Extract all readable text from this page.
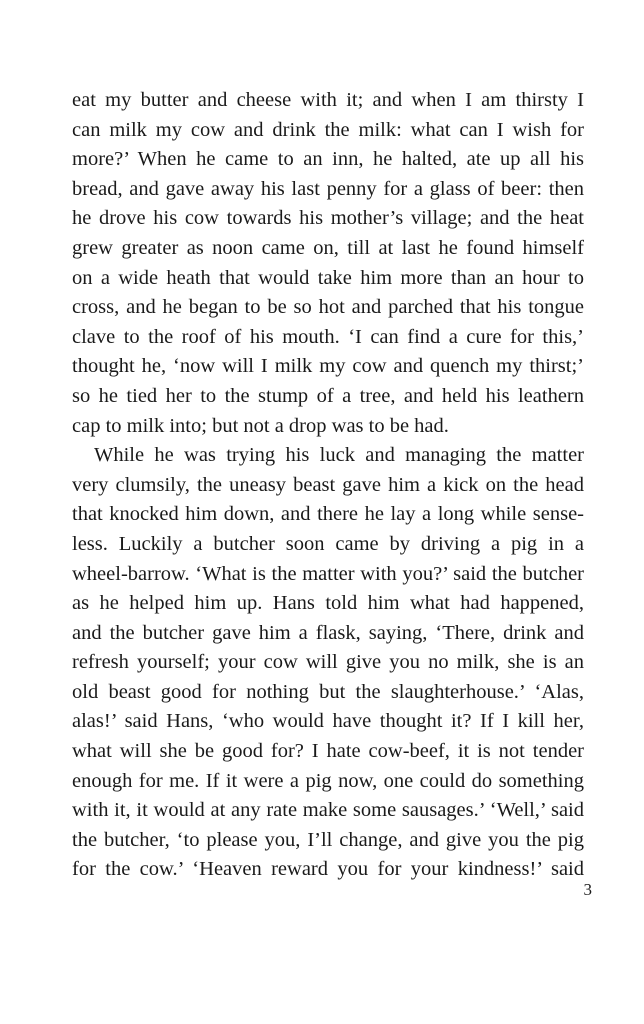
eat my butter and cheese with it; and when I am thirsty I
can milk my cow and drink the milk: what can I wish for
more?’ When he came to an inn, he halted, ate up all his
bread, and gave away his last penny for a glass of beer: then
he drove his cow towards his mother’s village; and the heat
grew greater as noon came on, till at last he found himself
on a wide heath that would take him more than an hour to
cross, and he began to be so hot and parched that his tongue
clave to the roof of his mouth. ‘I can find a cure for this,’
thought he, ‘now will I milk my cow and quench my thirst;’
so he tied her to the stump of a tree, and held his leathern
cap to milk into; but not a drop was to be had.
While he was trying his luck and managing the matter
very clumsily, the uneasy beast gave him a kick on the head
that knocked him down, and there he lay a long while sense-
less. Luckily a butcher soon came by driving a pig in a
wheel-barrow. ‘What is the matter with you?’ said the butcher
as he helped him up. Hans told him what had happened,
and the butcher gave him a flask, saying, ‘There, drink and
refresh yourself; your cow will give you no milk, she is an
old beast good for nothing but the slaughterhouse.’ ‘Alas,
alas!’ said Hans, ‘who would have thought it? If I kill her,
what will she be good for? I hate cow-beef, it is not tender
enough for me. If it were a pig now, one could do something
with it, it would at any rate make some sausages.’ ‘Well,’ said
the butcher, ‘to please you, I’ll change, and give you the pig
for the cow.’ ‘Heaven reward you for your kindness!’ said
3
